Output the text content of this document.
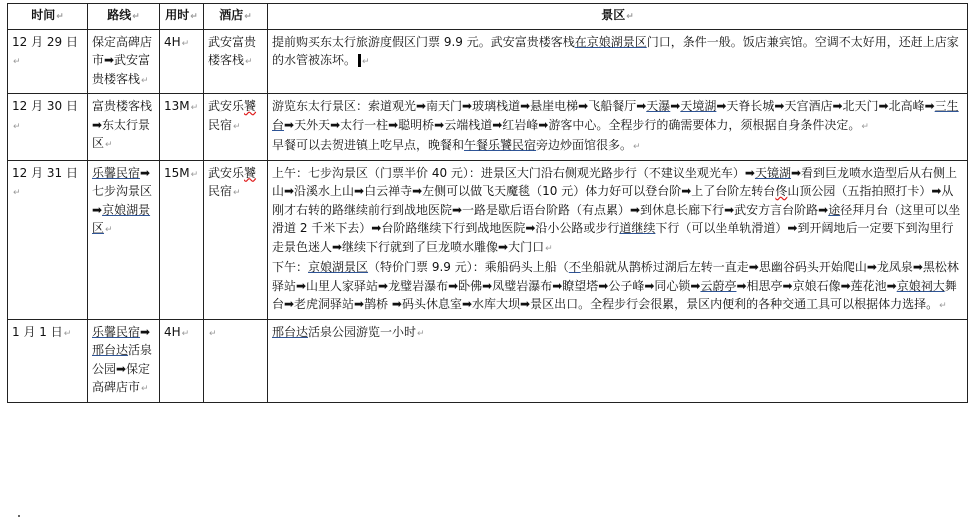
时间↵	路线↵	用时↵	酒店↵	景区↵
12 月 29 日↵	保定高碑店市➡武安富贵楼客栈↵	4H↵	武安富贵楼客栈↵	提前购买东太行旅游度假区门票 9.9 元。武安富贵楼客栈在京娘湖景区门口，条件一般。饭店兼宾馆。空调不太好用，还赶上店家的水管被冻坏。 ↵
12 月 30 日↵	富贵楼客栈➡东太行景区↵	13M↵	武安乐饕民宿↵	游览东太行景区：索道观光➡南天门➡玻璃栈道➡悬崖电梯➡飞船餐厅➡天瀑➡天境湖➡天脊长城➡天宫酒店➡北天门➡北高峰➡三生台➡天外天➡太行一柱➡聪明桥➡云端栈道➡红岩峰➡游客中心。全程步行的确需要体力，须根据自身条件决定。↵
早餐可以去贺进镇上吃早点，晚餐和午餐乐饕民宿旁边炒面馆很多。↵
12 月 31 日↵	乐馨民宿➡七步沟景区➡京娘湖景区↵	15M↵	武安乐饕民宿↵	上午：七步沟景区（门票半价 40 元）：进景区大门沿右侧观光路步行（不建议坐观光车）➡天镜湖➡看到巨龙喷水造型后从右侧上山➡沿溪水上山➡白云禅寺➡左侧可以做飞天魔毯（10 元）体力好可以登台阶➡上了台阶左转台佟山顶公园（五指拍照打卡）➡从刚才右转的路继续前行到战地医院➡一路是歇后语台阶路（有点累）➡到休息长廊下行➡武安方言台阶路➡途径拜月台（这里可以坐滑道 2 千米下去）➡台阶路继续下行到战地医院➡沿小公路或步行道继续下行（可以坐单轨滑道）➡到开阔地后一定要下到沟里行走景色迷人➡继续下行就到了巨龙喷水雕像➡大门口↵
下午：京娘湖景区（特价门票 9.9 元）：乘船码头上船（不坐船就从鹊桥过湖后左转一直走➡思幽谷码头开始爬山➡龙凤泉➡黑松林驿站➡山里人家驿站➡龙璧岩瀑布➡卧佛➡凤璧岩瀑布➡瞭望塔➡公子峰➡同心锁➡云蔚亭➡相思亭➡京娘石像➡莲花池➡京娘祠大舞台➡老虎洞驿站➡鹊桥 ➡码头休息室➡水库大坝➡景区出口。全程步行会很累，景区内便利的各种交通工具可以根据体力选择。↵
1 月 1 日↵	乐馨民宿➡邢台达活泉公园➡保定高碑店市↵	4H↵	↵	邢台达活泉公园游览一小时↵
